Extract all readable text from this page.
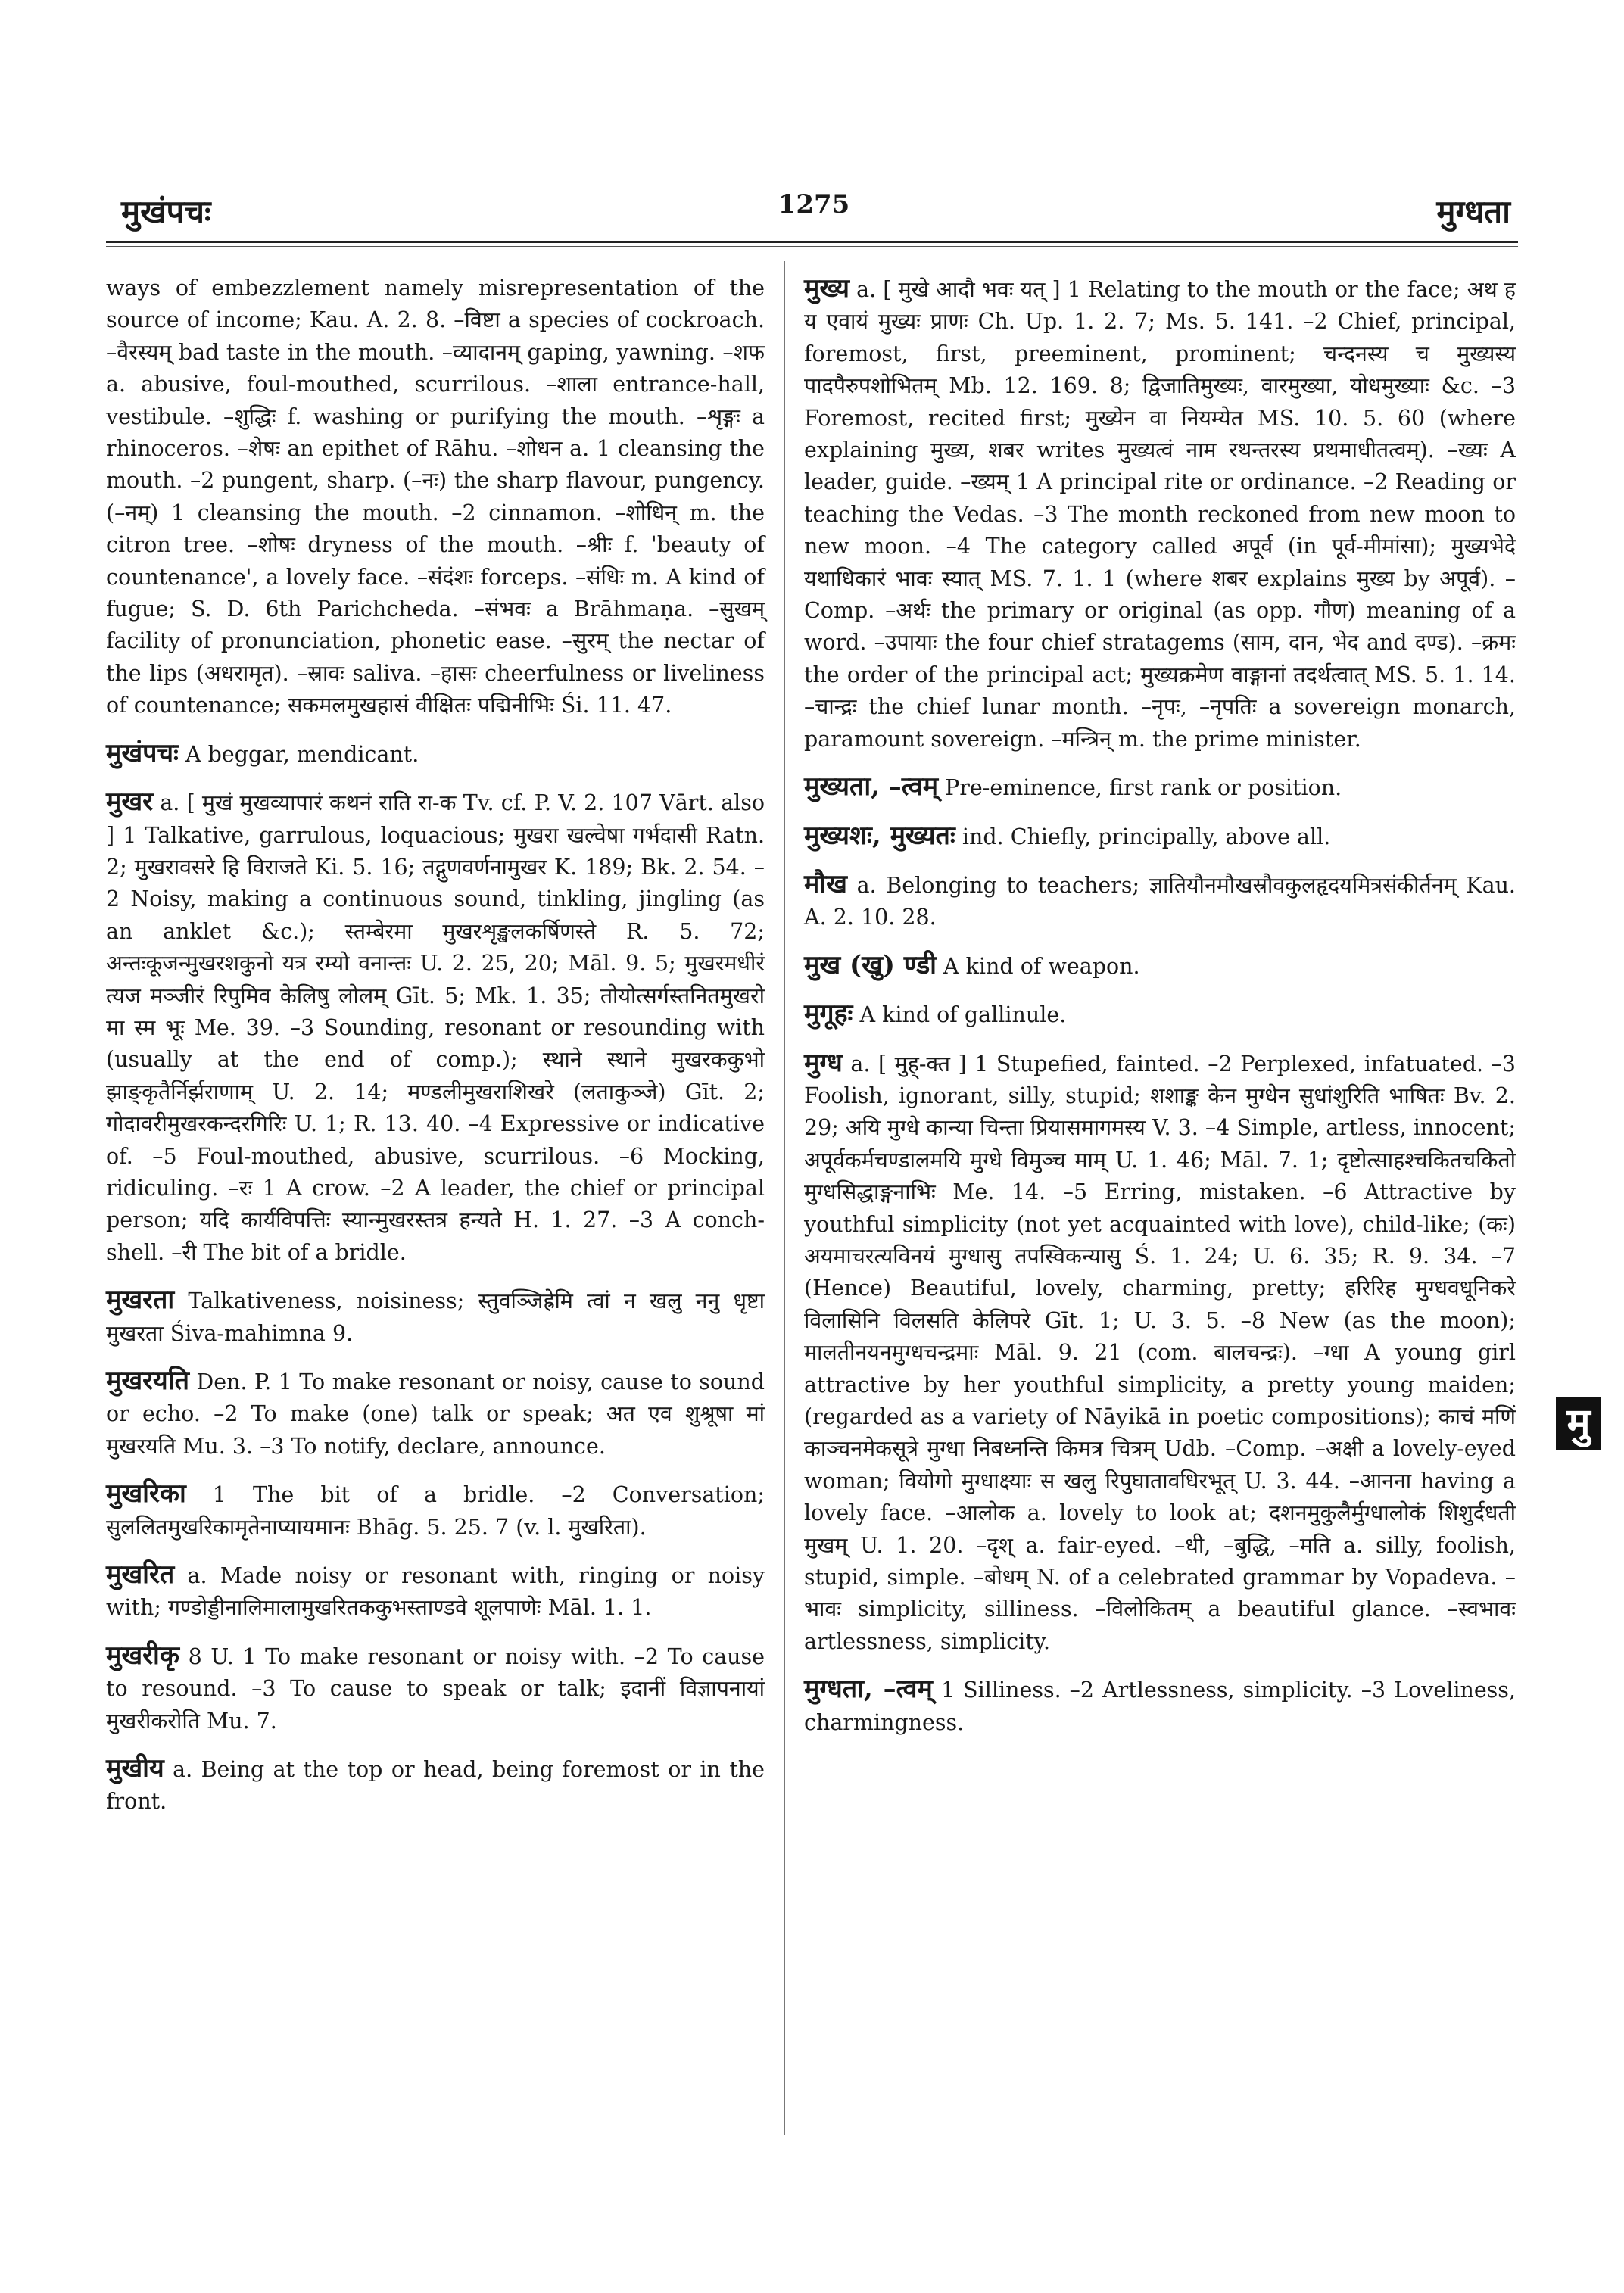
मुखंपचः	1275	मुग्धता

ways of embezzlement namely misrepresentation of the source of income; Kau. A. 2. 8. –विष्टा a species of cockroach. –वैरस्यम् bad taste in the mouth. –व्यादानम् gaping, yawning. –शफ a. abusive, foul-mouthed, scurrilous. –शाला entrance-hall, vestibule. –शुद्धिः f. washing or purifying the mouth. –शृङ्गः a rhinoceros. –शेषः an epithet of Rāhu. –शोधन a. 1 cleansing the mouth. –2 pungent, sharp. (–नः) the sharp flavour, pungency. (–नम्) 1 cleansing the mouth. –2 cinnamon. –शोधिन् m. the citron tree. –शोषः dryness of the mouth. –श्रीः f. 'beauty of countenance', a lovely face. –संदंशः forceps. –संधिः m. A kind of fugue; S. D. 6th Parichcheda. –संभवः a Brāhmaṇa. –सुखम् facility of pronunciation, phonetic ease. –सुरम् the nectar of the lips (अधरामृत). –स्रावः saliva. –हासः cheerfulness or liveliness of countenance; सकमलमुखहासं वीक्षितः पद्मिनीभिः Śi. 11. 47.

मुखंपचः A beggar, mendicant.

मुखर a. [ मुखं मुखव्यापारं कथनं राति रा-क Tv. cf. P. V. 2. 107 Vārt. also ] 1 Talkative, garrulous, loquacious; मुखरा खल्वेषा गर्भदासी Ratn. 2; मुखरावसरे हि विराजते Ki. 5. 16; तद्गुणवर्णनामुखर K. 189; Bk. 2. 54. –2 Noisy, making a continuous sound, tinkling, jingling (as an anklet &c.); स्तम्बेरमा मुखरशृङ्खलकर्षिणस्ते R. 5. 72; अन्तःकूजन्मुखरशकुनो यत्र रम्यो वनान्तः U. 2. 25, 20; Māl. 9. 5; मुखरमधीरं त्यज मञ्जीरं रिपुमिव केलिषु लोलम् Gīt. 5; Mk. 1. 35; तोयोत्सर्गस्तनितमुखरो मा स्म भूः Me. 39. –3 Sounding, resonant or resounding with (usually at the end of comp.); स्थाने स्थाने मुखरककुभो झाङ्कृतैर्निर्झराणाम् U. 2. 14; मण्डलीमुखराशिखरे (लताकुञ्जे) Gīt. 2; गोदावरीमुखरकन्दरगिरिः U. 1; R. 13. 40. –4 Expressive or indicative of. –5 Foul-mouthed, abusive, scurrilous. –6 Mocking, ridiculing. –रः 1 A crow. –2 A leader, the chief or principal person; यदि कार्यविपत्तिः स्यान्मुखरस्तत्र हन्यते H. 1. 27. –3 A conch-shell. –री The bit of a bridle.

मुखरता Talkativeness, noisiness; स्तुवञ्जिह्रेमि त्वां न खलु ननु धृष्टा मुखरता Śiva-mahimna 9.

मुखरयति Den. P. 1 To make resonant or noisy, cause to sound or echo. –2 To make (one) talk or speak; अत एव शुश्रूषा मां मुखरयति Mu. 3. –3 To notify, declare, announce.

मुखरिका 1 The bit of a bridle. –2 Conversation; सुललितमुखरिकामृतेनाप्यायमानः Bhāg. 5. 25. 7 (v. l. मुखरिता).

मुखरित a. Made noisy or resonant with, ringing or noisy with; गण्डोड्डीनालिमालामुखरितककुभस्ताण्डवे शूलपाणेः Māl. 1. 1.

मुखरीकृ 8 U. 1 To make resonant or noisy with. –2 To cause to resound. –3 To cause to speak or talk; इदानीं विज्ञापनायां मुखरीकरोति Mu. 7.

मुखीय a. Being at the top or head, being foremost or in the front.

मुख्य a. [ मुखे आदौ भवः यत् ] 1 Relating to the mouth or the face; अथ ह य एवायं मुख्यः प्राणः Ch. Up. 1. 2. 7; Ms. 5. 141. –2 Chief, principal, foremost, first, preeminent, prominent; चन्दनस्य च मुख्यस्य पादपैरुपशोभितम् Mb. 12. 169. 8; द्विजातिमुख्यः, वारमुख्या, योधमुख्याः &c. –3 Foremost, recited first; मुख्येन वा नियम्येत MS. 10. 5. 60 (where explaining मुख्य, शबर writes मुख्यत्वं नाम रथन्तरस्य प्रथमाधीतत्वम्). –ख्यः A leader, guide. –ख्यम् 1 A principal rite or ordinance. –2 Reading or teaching the Vedas. –3 The month reckoned from new moon to new moon. –4 The category called अपूर्व (in पूर्व-मीमांसा); मुख्यभेदे यथाधिकारं भावः स्यात् MS. 7. 1. 1 (where शबर explains मुख्य by अपूर्व). –Comp. –अर्थः the primary or original (as opp. गौण) meaning of a word. –उपायाः the four chief stratagems (साम, दान, भेद and दण्ड). –क्रमः the order of the principal act; मुख्यक्रमेण वाङ्गानां तदर्थत्वात् MS. 5. 1. 14. –चान्द्रः the chief lunar month. –नृपः, –नृपतिः a sovereign monarch, paramount sovereign. –मन्त्रिन् m. the prime minister.

मुख्यता, –त्वम् Pre-eminence, first rank or position.

मुख्यशः, मुख्यतः ind. Chiefly, principally, above all.

मौख a. Belonging to teachers; ज्ञातियौनमौखस्रौवकुलहृदयमित्रसंकीर्तनम् Kau. A. 2. 10. 28.

मुख (खु) ण्डी A kind of weapon.

मुगूहः A kind of gallinule.

मुग्ध a. [ मुह्-क्त ] 1 Stupefied, fainted. –2 Perplexed, infatuated. –3 Foolish, ignorant, silly, stupid; शशाङ्क केन मुग्धेन सुधांशुरिति भाषितः Bv. 2. 29; अयि मुग्धे कान्या चिन्ता प्रियासमागमस्य V. 3. –4 Simple, artless, innocent; अपूर्वकर्मचण्डालमयि मुग्धे विमुञ्च माम् U. 1. 46; Māl. 7. 1; दृष्टोत्साहश्चकितचकितो मुग्धसिद्धाङ्गनाभिः Me. 14. –5 Erring, mistaken. –6 Attractive by youthful simplicity (not yet acquainted with love), child-like; (कः) अयमाचरत्यविनयं मुग्धासु तपस्विकन्यासु Ś. 1. 24; U. 6. 35; R. 9. 34. –7 (Hence) Beautiful, lovely, charming, pretty; हरिरिह मुग्धवधूनिकरे विलासिनि विलसति केलिपरे Gīt. 1; U. 3. 5. –8 New (as the moon); मालतीनयनमुग्धचन्द्रमाः Māl. 9. 21 (com. बालचन्द्रः). –ग्धा A young girl attractive by her youthful simplicity, a pretty young maiden; (regarded as a variety of Nāyikā in poetic compositions); काचं मणिं काञ्चनमेकसूत्रे मुग्धा निबध्नन्ति किमत्र चित्रम् Udb. –Comp. –अक्षी a lovely-eyed woman; वियोगो मुग्धाक्ष्याः स खलु रिपुघातावधिरभूत् U. 3. 44. –आनना having a lovely face. –आलोक a. lovely to look at; दशनमुकुलैर्मुग्धालोकं शिशुर्दधती मुखम् U. 1. 20. –दृश् a. fair-eyed. –धी, –बुद्धि, –मति a. silly, foolish, stupid, simple. –बोधम् N. of a celebrated grammar by Vopadeva. –भावः simplicity, silliness. –विलोकितम् a beautiful glance. –स्वभावः artlessness, simplicity.

मुग्धता, –त्वम् 1 Silliness. –2 Artlessness, simplicity. –3 Loveliness, charmingness.

मु
